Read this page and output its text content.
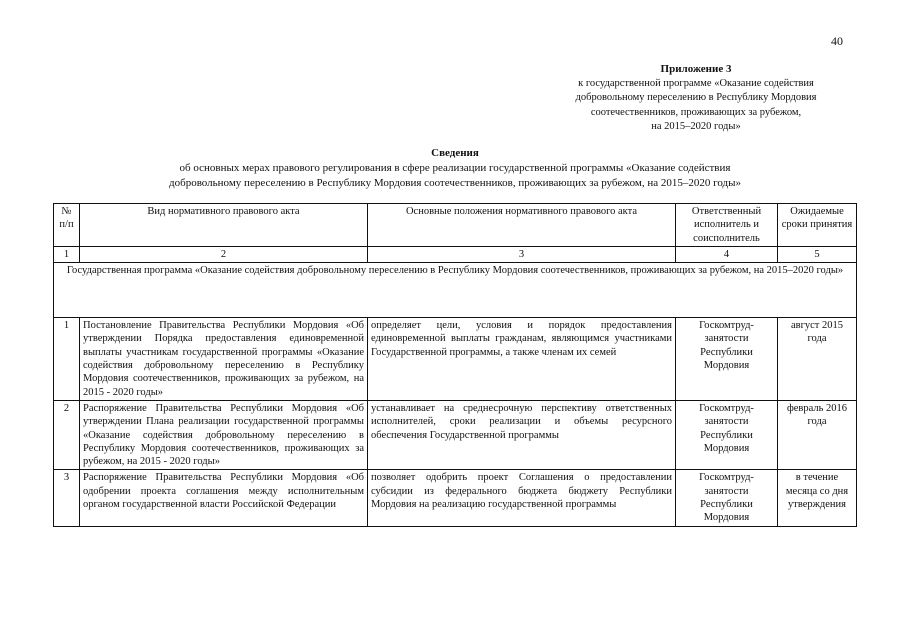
40
Приложение 3
к государственной программе «Оказание содействия
добровольному переселению в Республику Мордовия
соотечественников, проживающих за рубежом,
на 2015–2020 годы»
Сведения
об основных мерах правового регулирования в сфере реализации государственной программы «Оказание содействия
добровольному переселению в Республику Мордовия соотечественников, проживающих за рубежом, на 2015–2020 годы»
№ п/п	Вид нормативного правового акта	Основные положения нормативного правового акта	Ответственный исполнитель и соисполнитель	Ожидаемые сроки принятия
1	2	3	4	5
Государственная программа «Оказание содействия добровольному переселению в Республику Мордовия соотечественников, проживающих за рубежом, на 2015–2020 годы»				
1	Постановление Правительства Республики Мордовия «Об утверждении Порядка предоставления единовременной выплаты участникам государственной программы «Оказание содействия добровольному переселению в Республику Мордовия соотечественников, проживающих за рубежом, на 2015 - 2020 годы»	определяет цели, условия и порядок предоставления единовременной выплаты гражданам, являющимся участниками Государственной программы, а также членам их семей	Госкомтруд-занятости Республики Мордовия	август 2015 года
2	Распоряжение Правительства Республики Мордовия «Об утверждении Плана реализации государственной программы «Оказание содействия добровольному переселению в Республику Мордовия соотечественников, проживающих за рубежом, на 2015 - 2020 годы»	устанавливает на среднесрочную перспективу ответственных исполнителей, сроки реализации и объемы ресурсного обеспечения Государственной программы	Госкомтруд-занятости Республики Мордовия	февраль 2016 года
3	Распоряжение Правительства Республики Мордовия «Об одобрении проекта соглашения между исполнительным органом государственной власти Российской Федерации	позволяет одобрить проект Соглашения о предоставлении субсидии из федерального бюджета бюджету Республики Мордовия на реализацию государственной программы	Госкомтруд-занятости Республики Мордовия	в течение месяца со дня утверждения
